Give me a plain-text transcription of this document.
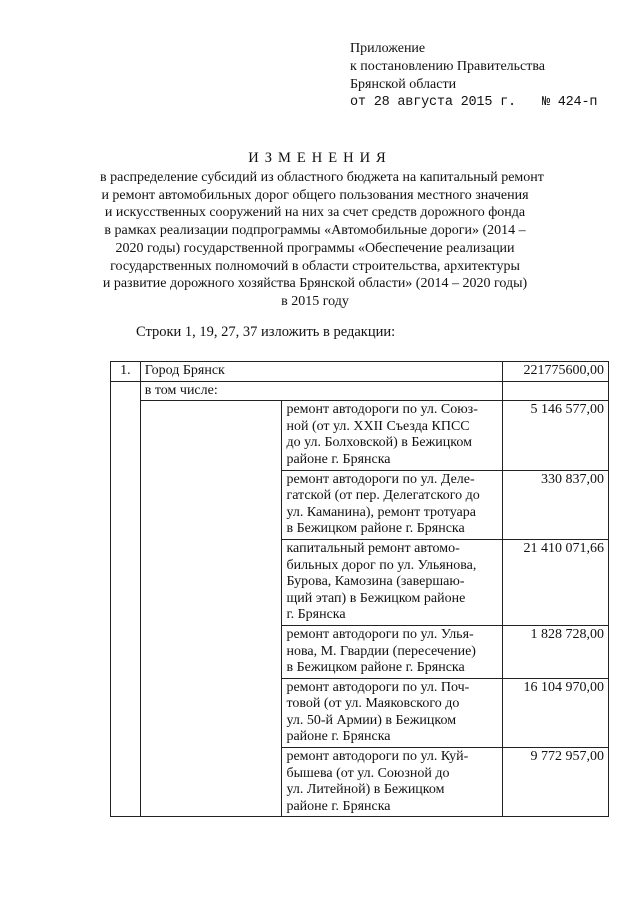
Приложение
к постановлению Правительства
Брянской области
от 28 августа 2015 г. № 424-п
ИЗМЕНЕНИЯ
в распределение субсидий из областного бюджета на капитальный ремонт
и ремонт автомобильных дорог общего пользования местного значения
и искусственных сооружений на них за счет средств дорожного фонда
в рамках реализации подпрограммы «Автомобильные дороги» (2014 –
2020 годы) государственной программы «Обеспечение реализации
государственных полномочий в области строительства, архитектуры
и развитие дорожного хозяйства Брянской области» (2014 – 2020 годы)
в 2015 году
Строки 1, 19, 27, 37 изложить в редакции:
1.	Город Брянск		221775600,00
	в том числе:		

		ремонт автодороги по ул. Союз-
ной (от ул. XXII Съезда КПСС
до ул. Болховской) в Бежицком
районе г. Брянска	5 146 577,00

		ремонт автодороги по ул. Деле-
гатской (от пер. Делегатского до
ул. Каманина), ремонт тротуара
в Бежицком районе г. Брянска	330 837,00

		капитальный ремонт автомо-
бильных дорог по ул. Ульянова,
Бурова, Камозина (завершаю-
щий этап) в Бежицком районе
г. Брянска	21 410 071,66

		ремонт автодороги по ул. Улья-
нова, М. Гвардии (пересечение)
в Бежицком районе г. Брянска	1 828 728,00

		ремонт автодороги по ул. Поч-
товой (от ул. Маяковского до
ул. 50-й Армии) в Бежицком
районе г. Брянска	16 104 970,00

		ремонт автодороги по ул. Куй-
бышева (от ул. Союзной до
ул. Литейной) в Бежицком
районе г. Брянска	9 772 957,00
